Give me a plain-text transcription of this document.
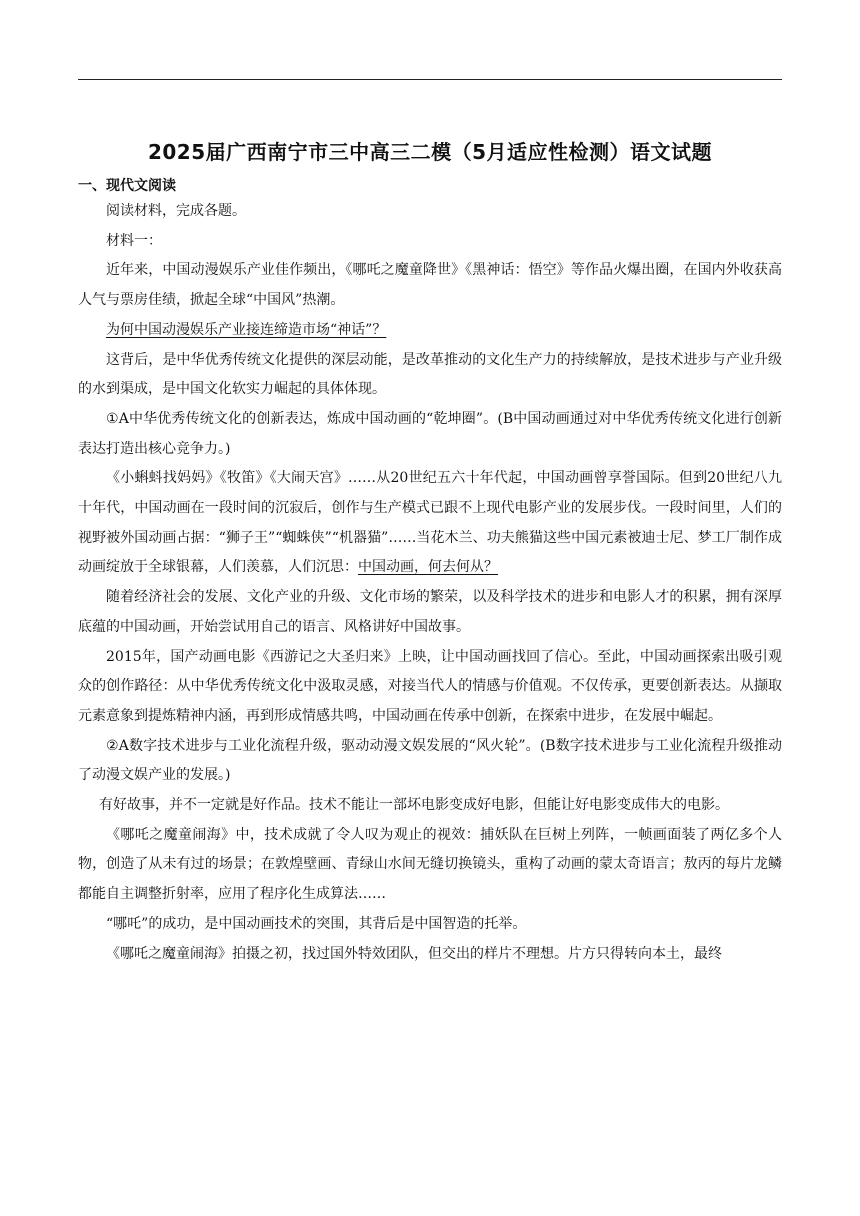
2025届广西南宁市三中高三二模（5月适应性检测）语文试题
一、现代文阅读

阅读材料，完成各题。

材料一：

近年来，中国动漫娱乐产业佳作频出，《哪吒之魔童降世》《黑神话：悟空》等作品火爆出圈，在国内外收获高人气与票房佳绩，掀起全球“中国风”热潮。

为何中国动漫娱乐产业接连缔造市场“神话”？

这背后，是中华优秀传统文化提供的深层动能，是改革推动的文化生产力的持续解放，是技术进步与产业升级的水到渠成，是中国文化软实力崛起的具体体现。

①A中华优秀传统文化的创新表达，炼成中国动画的“乾坤圈”。(B中国动画通过对中华优秀传统文化进行创新表达打造出核心竞争力。)

《小蝌蚪找妈妈》《牧笛》《大闹天宫》……从20世纪五六十年代起，中国动画曾享誉国际。但到20世纪八九十年代，中国动画在一段时间的沉寂后，创作与生产模式已跟不上现代电影产业的发展步伐。一段时间里，人们的视野被外国动画占据：“狮子王”“蜘蛛侠”“机器猫”……当花木兰、功夫熊猫这些中国元素被迪士尼、梦工厂制作成动画绽放于全球银幕，人们羡慕，人们沉思：中国动画，何去何从？

随着经济社会的发展、文化产业的升级、文化市场的繁荣，以及科学技术的进步和电影人才的积累，拥有深厚底蕴的中国动画，开始尝试用自己的语言、风格讲好中国故事。

2015年，国产动画电影《西游记之大圣归来》上映，让中国动画找回了信心。至此，中国动画探索出吸引观众的创作路径：从中华优秀传统文化中汲取灵感，对接当代人的情感与价值观。不仅传承，更要创新表达。从撷取元素意象到提炼精神内涵，再到形成情感共鸣，中国动画在传承中创新，在探索中进步，在发展中崛起。

②A数字技术进步与工业化流程升级，驱动动漫文娱发展的“风火轮”。(B数字技术进步与工业化流程升级推动了动漫文娱产业的发展。)

有好故事，并不一定就是好作品。技术不能让一部坏电影变成好电影，但能让好电影变成伟大的电影。

《哪吒之魔童闹海》中，技术成就了令人叹为观止的视效：捕妖队在巨树上列阵，一帧画面装了两亿多个人物，创造了从未有过的场景；在敦煌壁画、青绿山水间无缝切换镜头，重构了动画的蒙太奇语言；敖丙的每片龙鳞都能自主调整折射率，应用了程序化生成算法……

“哪吒”的成功，是中国动画技术的突围，其背后是中国智造的托举。

《哪吒之魔童闹海》拍摄之初，找过国外特效团队，但交出的样片不理想。片方只得转向本土，最终
